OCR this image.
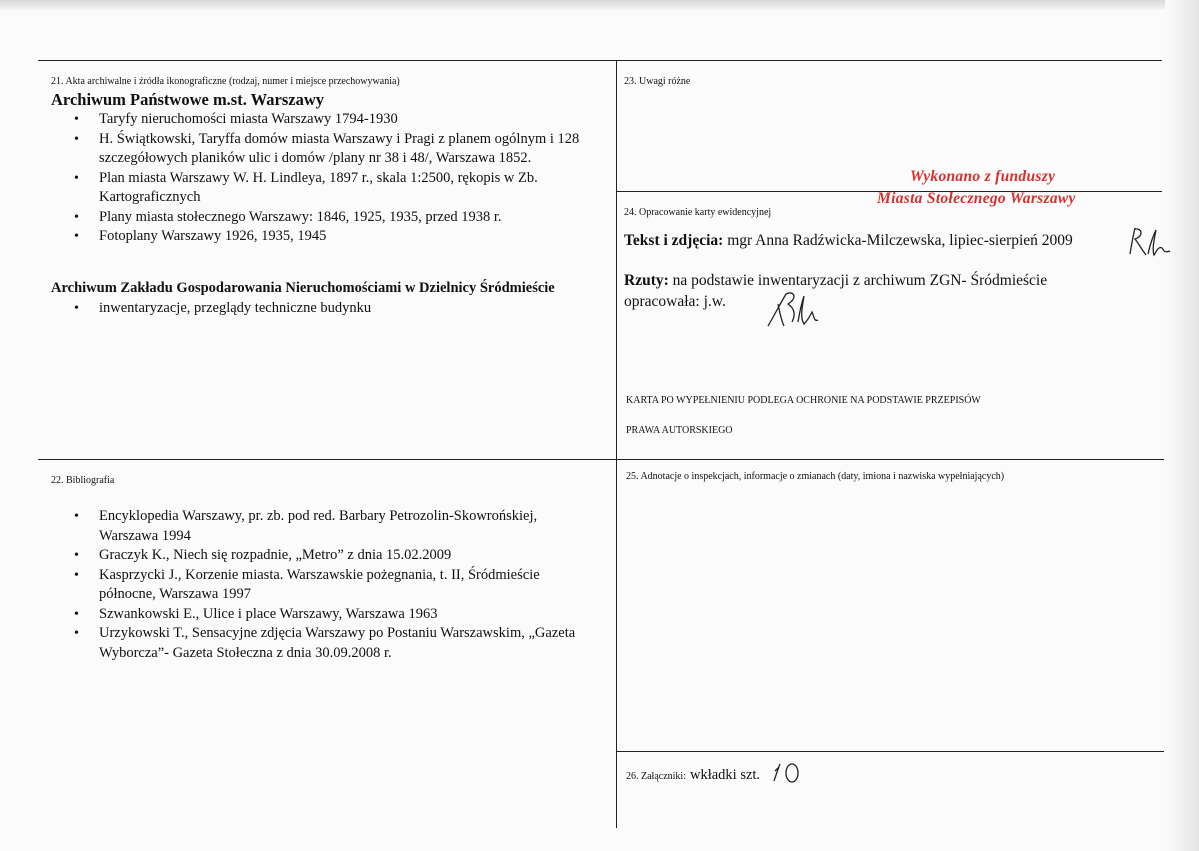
21. Akta archiwalne i źródła ikonograficzne (rodzaj, numer i miejsce przechowywania)
Archiwum Państwowe m.st. Warszawy
• Taryfy nieruchomości miasta Warszawy 1794-1930
• H. Świątkowski, Taryffa domów miasta Warszawy i Pragi z planem ogólnym i 128 szczegółowych planików ulic i domów /plany nr 38 i 48/, Warszawa 1852.
• Plan miasta Warszawy W. H. Lindleya, 1897 r., skala 1:2500, rękopis w Zb. Kartograficznych
• Plany miasta stołecznego Warszawy: 1846, 1925, 1935, przed 1938 r.
• Fotoplany Warszawy 1926, 1935, 1945
Archiwum Zakładu Gospodarowania Nieruchomościami w Dzielnicy Śródmieście
• inwentaryzacje, przeglądy techniczne budynku
22. Bibliografia
• Encyklopedia Warszawy, pr. zb. pod red. Barbary Petrozolin-Skowrońskiej, Warszawa 1994
• Graczyk K., Niech się rozpadnie, „Metro” z dnia 15.02.2009
• Kasprzycki J., Korzenie miasta. Warszawskie pożegnania, t. II, Śródmieście północne, Warszawa 1997
• Szwankowski E., Ulice i place Warszawy, Warszawa 1963
• Urzykowski T., Sensacyjne zdjęcia Warszawy po Postaniu Warszawskim, „Gazeta Wyborcza”- Gazeta Stołeczna z dnia 30.09.2008 r.
23. Uwagi różne
Wykonano z funduszy
Miasta Stołecznego Warszawy
24. Opracowanie karty ewidencyjnej
Tekst i zdjęcia: mgr Anna Radźwicka-Milczewska, lipiec-sierpień 2009
Rzuty: na podstawie inwentaryzacji z archiwum ZGN- Śródmieście
opracowała: j.w.
KARTA PO WYPEŁNIENIU PODLEGA OCHRONIE NA PODSTAWIE PRZEPISÓW
PRAWA AUTORSKIEGO
25. Adnotacje o inspekcjach, informacje o zmianach (daty, imiona i nazwiska wypełniających)
26. Załączniki: wkładki szt.
